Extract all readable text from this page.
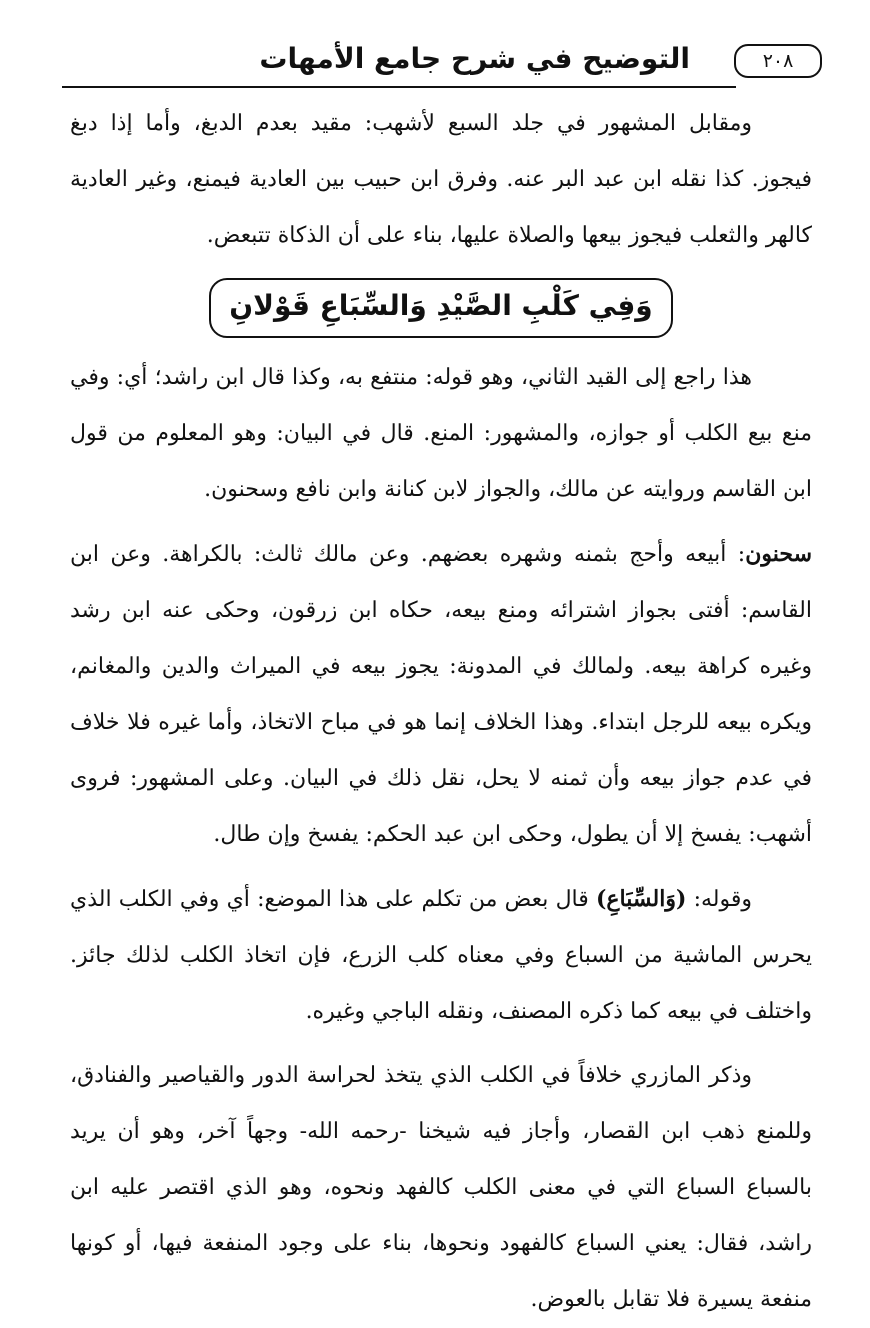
٢٠٨
التوضيح في شرح جامع الأمهات

ومقابل المشهور في جلد السبع لأشهب: مقيد بعدم الدبغ، وأما إذا دبغ فيجوز. كذا نقله ابن عبد البر عنه. وفرق ابن حبيب بين العادية فيمنع، وغير العادية كالهر والثعلب فيجوز بيعها والصلاة عليها، بناء على أن الذكاة تتبعض.

وَفِي كَلْبِ الصَّيْدِ وَالسِّبَاعِ قَوْلانِ

هذا راجع إلى القيد الثاني، وهو قوله: منتفع به، وكذا قال ابن راشد؛ أي: وفي منع بيع الكلب أو جوازه، والمشهور: المنع. قال في البيان: وهو المعلوم من قول ابن القاسم وروايته عن مالك، والجواز لابن كنانة وابن نافع وسحنون.

سحنون: أبيعه وأحج بثمنه وشهره بعضهم. وعن مالك ثالث: بالكراهة. وعن ابن القاسم: أفتى بجواز اشترائه ومنع بيعه، حكاه ابن زرقون، وحكى عنه ابن رشد وغيره كراهة بيعه. ولمالك في المدونة: يجوز بيعه في الميراث والدين والمغانم، ويكره بيعه للرجل ابتداء. وهذا الخلاف إنما هو في مباح الاتخاذ، وأما غيره فلا خلاف في عدم جواز بيعه وأن ثمنه لا يحل، نقل ذلك في البيان. وعلى المشهور: فروى أشهب: يفسخ إلا أن يطول، وحكى ابن عبد الحكم: يفسخ وإن طال.

وقوله: (وَالسِّبَاعِ) قال بعض من تكلم على هذا الموضع: أي وفي الكلب الذي يحرس الماشية من السباع وفي معناه كلب الزرع، فإن اتخاذ الكلب لذلك جائز. واختلف في بيعه كما ذكره المصنف، ونقله الباجي وغيره.

وذكر المازري خلافاً في الكلب الذي يتخذ لحراسة الدور والقياصير والفنادق، وللمنع ذهب ابن القصار، وأجاز فيه شيخنا -رحمه الله- وجهاً آخر، وهو أن يريد بالسباع السباع التي في معنى الكلب كالفهد ونحوه، وهو الذي اقتصر عليه ابن راشد، فقال: يعني السباع كالفهود ونحوها، بناء على وجود المنفعة فيها، أو كونها منفعة يسيرة فلا تقابل بالعوض.
